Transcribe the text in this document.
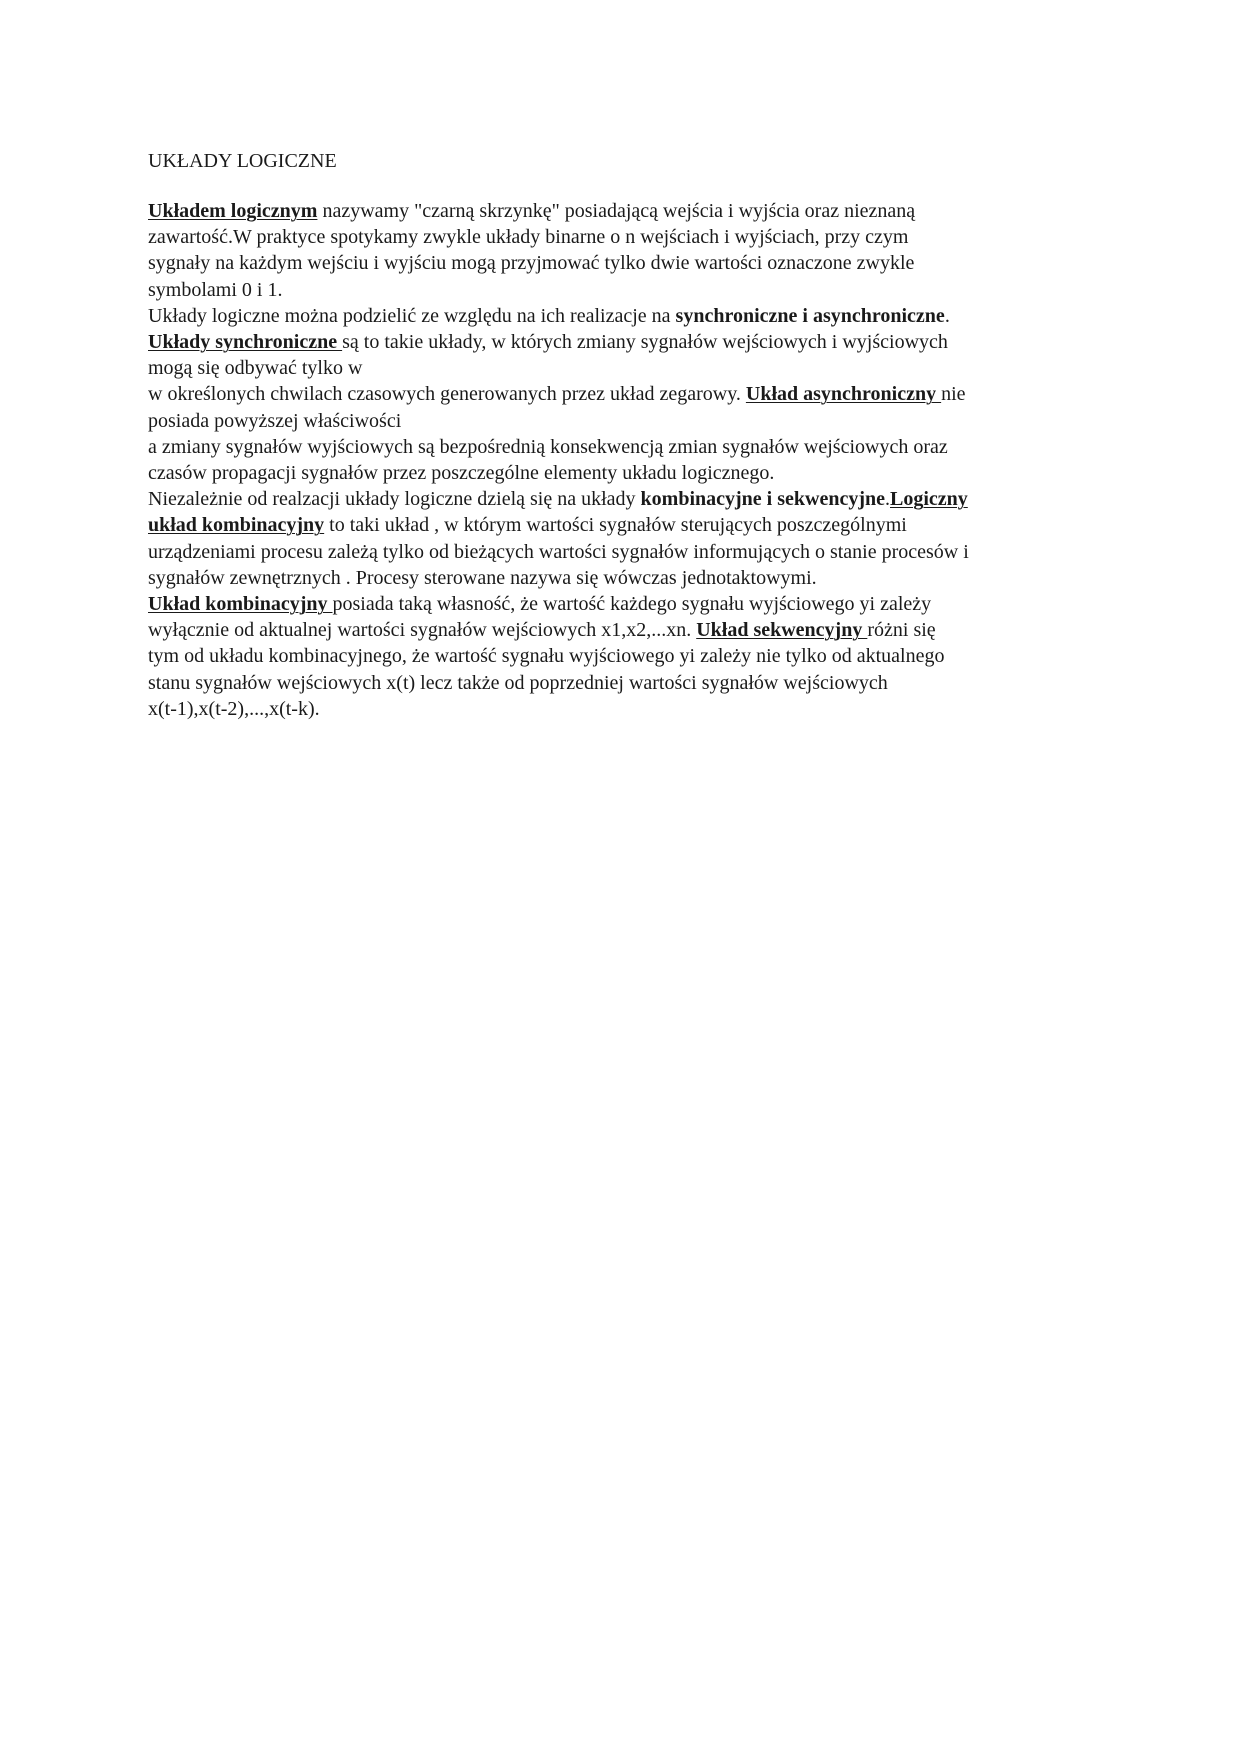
UKŁADY LOGICZNE
Układem logicznym nazywamy "czarną skrzynkę" posiadającą wejścia i wyjścia oraz nieznaną
zawartość.W praktyce spotykamy zwykle układy binarne o n wejściach i wyjściach, przy czym
sygnały na każdym wejściu i wyjściu mogą przyjmować tylko dwie wartości oznaczone zwykle
symbolami 0 i 1.
Układy logiczne można podzielić ze względu na ich realizacje na synchroniczne i asynchroniczne.
Układy synchroniczne są to takie układy, w których zmiany sygnałów wejściowych i wyjściowych
mogą się odbywać tylko w
w określonych chwilach czasowych generowanych przez układ zegarowy. Układ asynchroniczny nie
posiada powyższej właściwości
a zmiany sygnałów wyjściowych są bezpośrednią konsekwencją zmian sygnałów wejściowych oraz
czasów propagacji sygnałów przez poszczególne elementy układu logicznego.
Niezależnie od realzacji układy logiczne dzielą się na układy kombinacyjne i sekwencyjne.Logiczny
układ kombinacyjny to taki układ , w którym wartości sygnałów sterujących poszczególnymi
urządzeniami procesu zależą tylko od bieżących wartości sygnałów informujących o stanie procesów i
sygnałów zewnętrznych . Procesy sterowane nazywa się wówczas jednotaktowymi.
Układ kombinacyjny posiada taką własność, że wartość każdego sygnału wyjściowego yi zależy
wyłącznie od aktualnej wartości sygnałów wejściowych x1,x2,...xn. Układ sekwencyjny różni się
tym od układu kombinacyjnego, że wartość sygnału wyjściowego yi zależy nie tylko od aktualnego
stanu sygnałów wejściowych x(t) lecz także od poprzedniej wartości sygnałów wejściowych
x(t-1),x(t-2),...,x(t-k).
